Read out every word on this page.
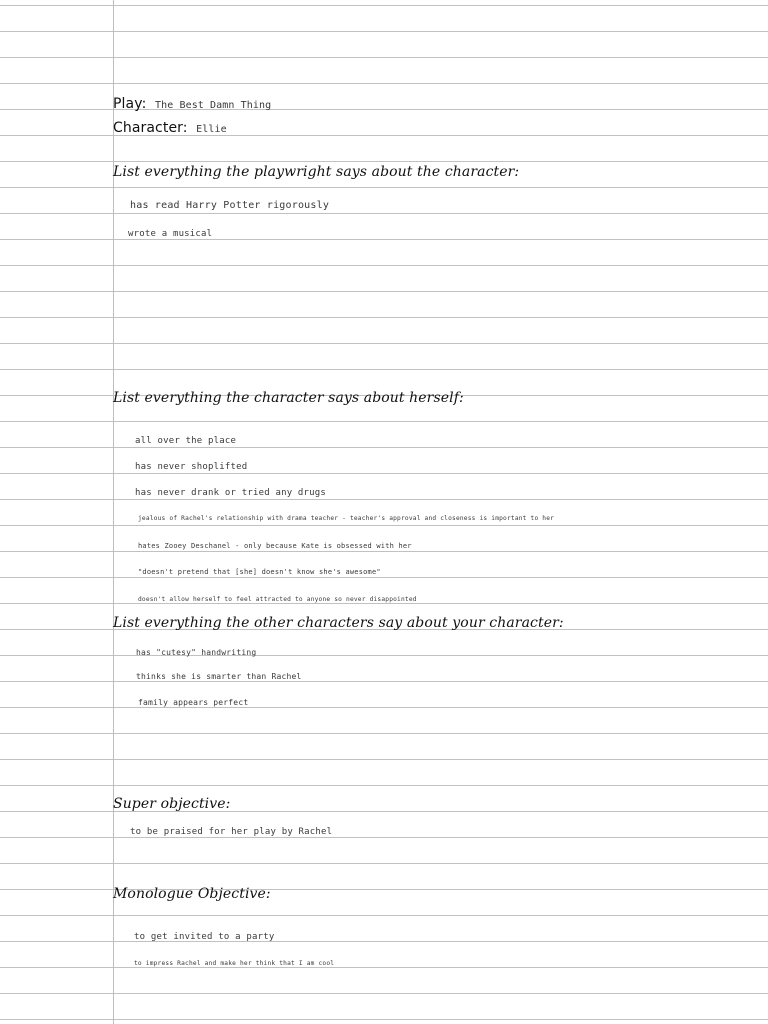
Play: The Best Damn Thing
Character: Ellie
List everything the playwright says about the character:
has read Harry Potter rigorously
wrote a musical
List everything the character says about herself:
all over the place
has never shoplifted
has never drank or tried any drugs
jealous of Rachel's relationship with drama teacher - teacher's approval and closeness is important to her
hates Zooey Deschanel - only because Kate is obsessed with her
"doesn't pretend that [she] doesn't know she's awesome"
doesn't allow herself to feel attracted to anyone so never disappointed
List everything the other characters say about your character:
has "cutesy" handwriting
thinks she is smarter than Rachel
family appears perfect
Super objective:
to be praised for her play by Rachel
Monologue Objective:
to get invited to a party
to impress Rachel and make her think that I am cool
